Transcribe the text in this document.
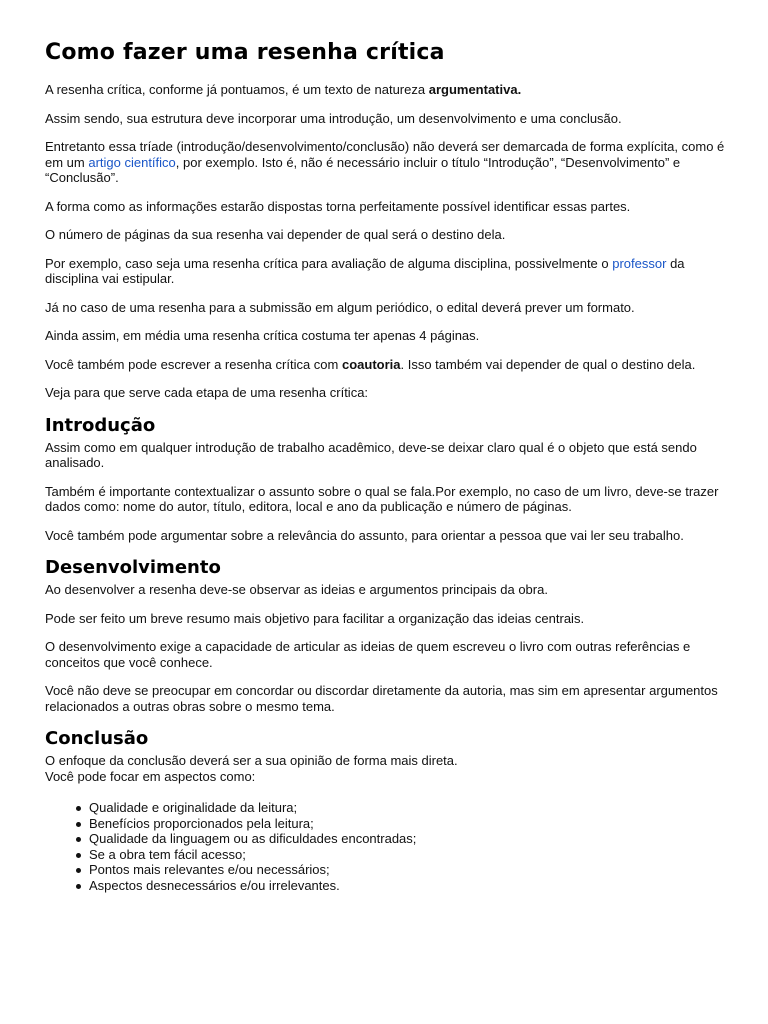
Como fazer uma resenha crítica

A resenha crítica, conforme já pontuamos, é um texto de natureza argumentativa.

Assim sendo, sua estrutura deve incorporar uma introdução, um desenvolvimento e uma conclusão.

Entretanto essa tríade (introdução/desenvolvimento/conclusão) não deverá ser demarcada de forma explícita, como é em um artigo científico, por exemplo. Isto é, não é necessário incluir o título “Introdução”, “Desenvolvimento” e “Conclusão”.

A forma como as informações estarão dispostas torna perfeitamente possível identificar essas partes.

O número de páginas da sua resenha vai depender de qual será o destino dela.

Por exemplo, caso seja uma resenha crítica para avaliação de alguma disciplina, possivelmente o professor da disciplina vai estipular.

Já no caso de uma resenha para a submissão em algum periódico, o edital deverá prever um formato.

Ainda assim, em média uma resenha crítica costuma ter apenas 4 páginas.

Você também pode escrever a resenha crítica com coautoria. Isso também vai depender de qual o destino dela.

Veja para que serve cada etapa de uma resenha crítica:

Introdução

Assim como em qualquer introdução de trabalho acadêmico, deve-se deixar claro qual é o objeto que está sendo analisado.

Também é importante contextualizar o assunto sobre o qual se fala.Por exemplo, no caso de um livro, deve-se trazer dados como: nome do autor, título, editora, local e ano da publicação e número de páginas.

Você também pode argumentar sobre a relevância do assunto, para orientar a pessoa que vai ler seu trabalho.

Desenvolvimento

Ao desenvolver a resenha deve-se observar as ideias e argumentos principais da obra.

Pode ser feito um breve resumo mais objetivo para facilitar a organização das ideias centrais.

O desenvolvimento exige a capacidade de articular as ideias de quem escreveu o livro com outras referências e conceitos que você conhece.

Você não deve se preocupar em concordar ou discordar diretamente da autoria, mas sim em apresentar argumentos relacionados a outras obras sobre o mesmo tema.

Conclusão
O enfoque da conclusão deverá ser a sua opinião de forma mais direta.
Você pode focar em aspectos como:
Qualidade e originalidade da leitura;
Benefícios proporcionados pela leitura;
Qualidade da linguagem ou as dificuldades encontradas;
Se a obra tem fácil acesso;
Pontos mais relevantes e/ou necessários;
Aspectos desnecessários e/ou irrelevantes.
